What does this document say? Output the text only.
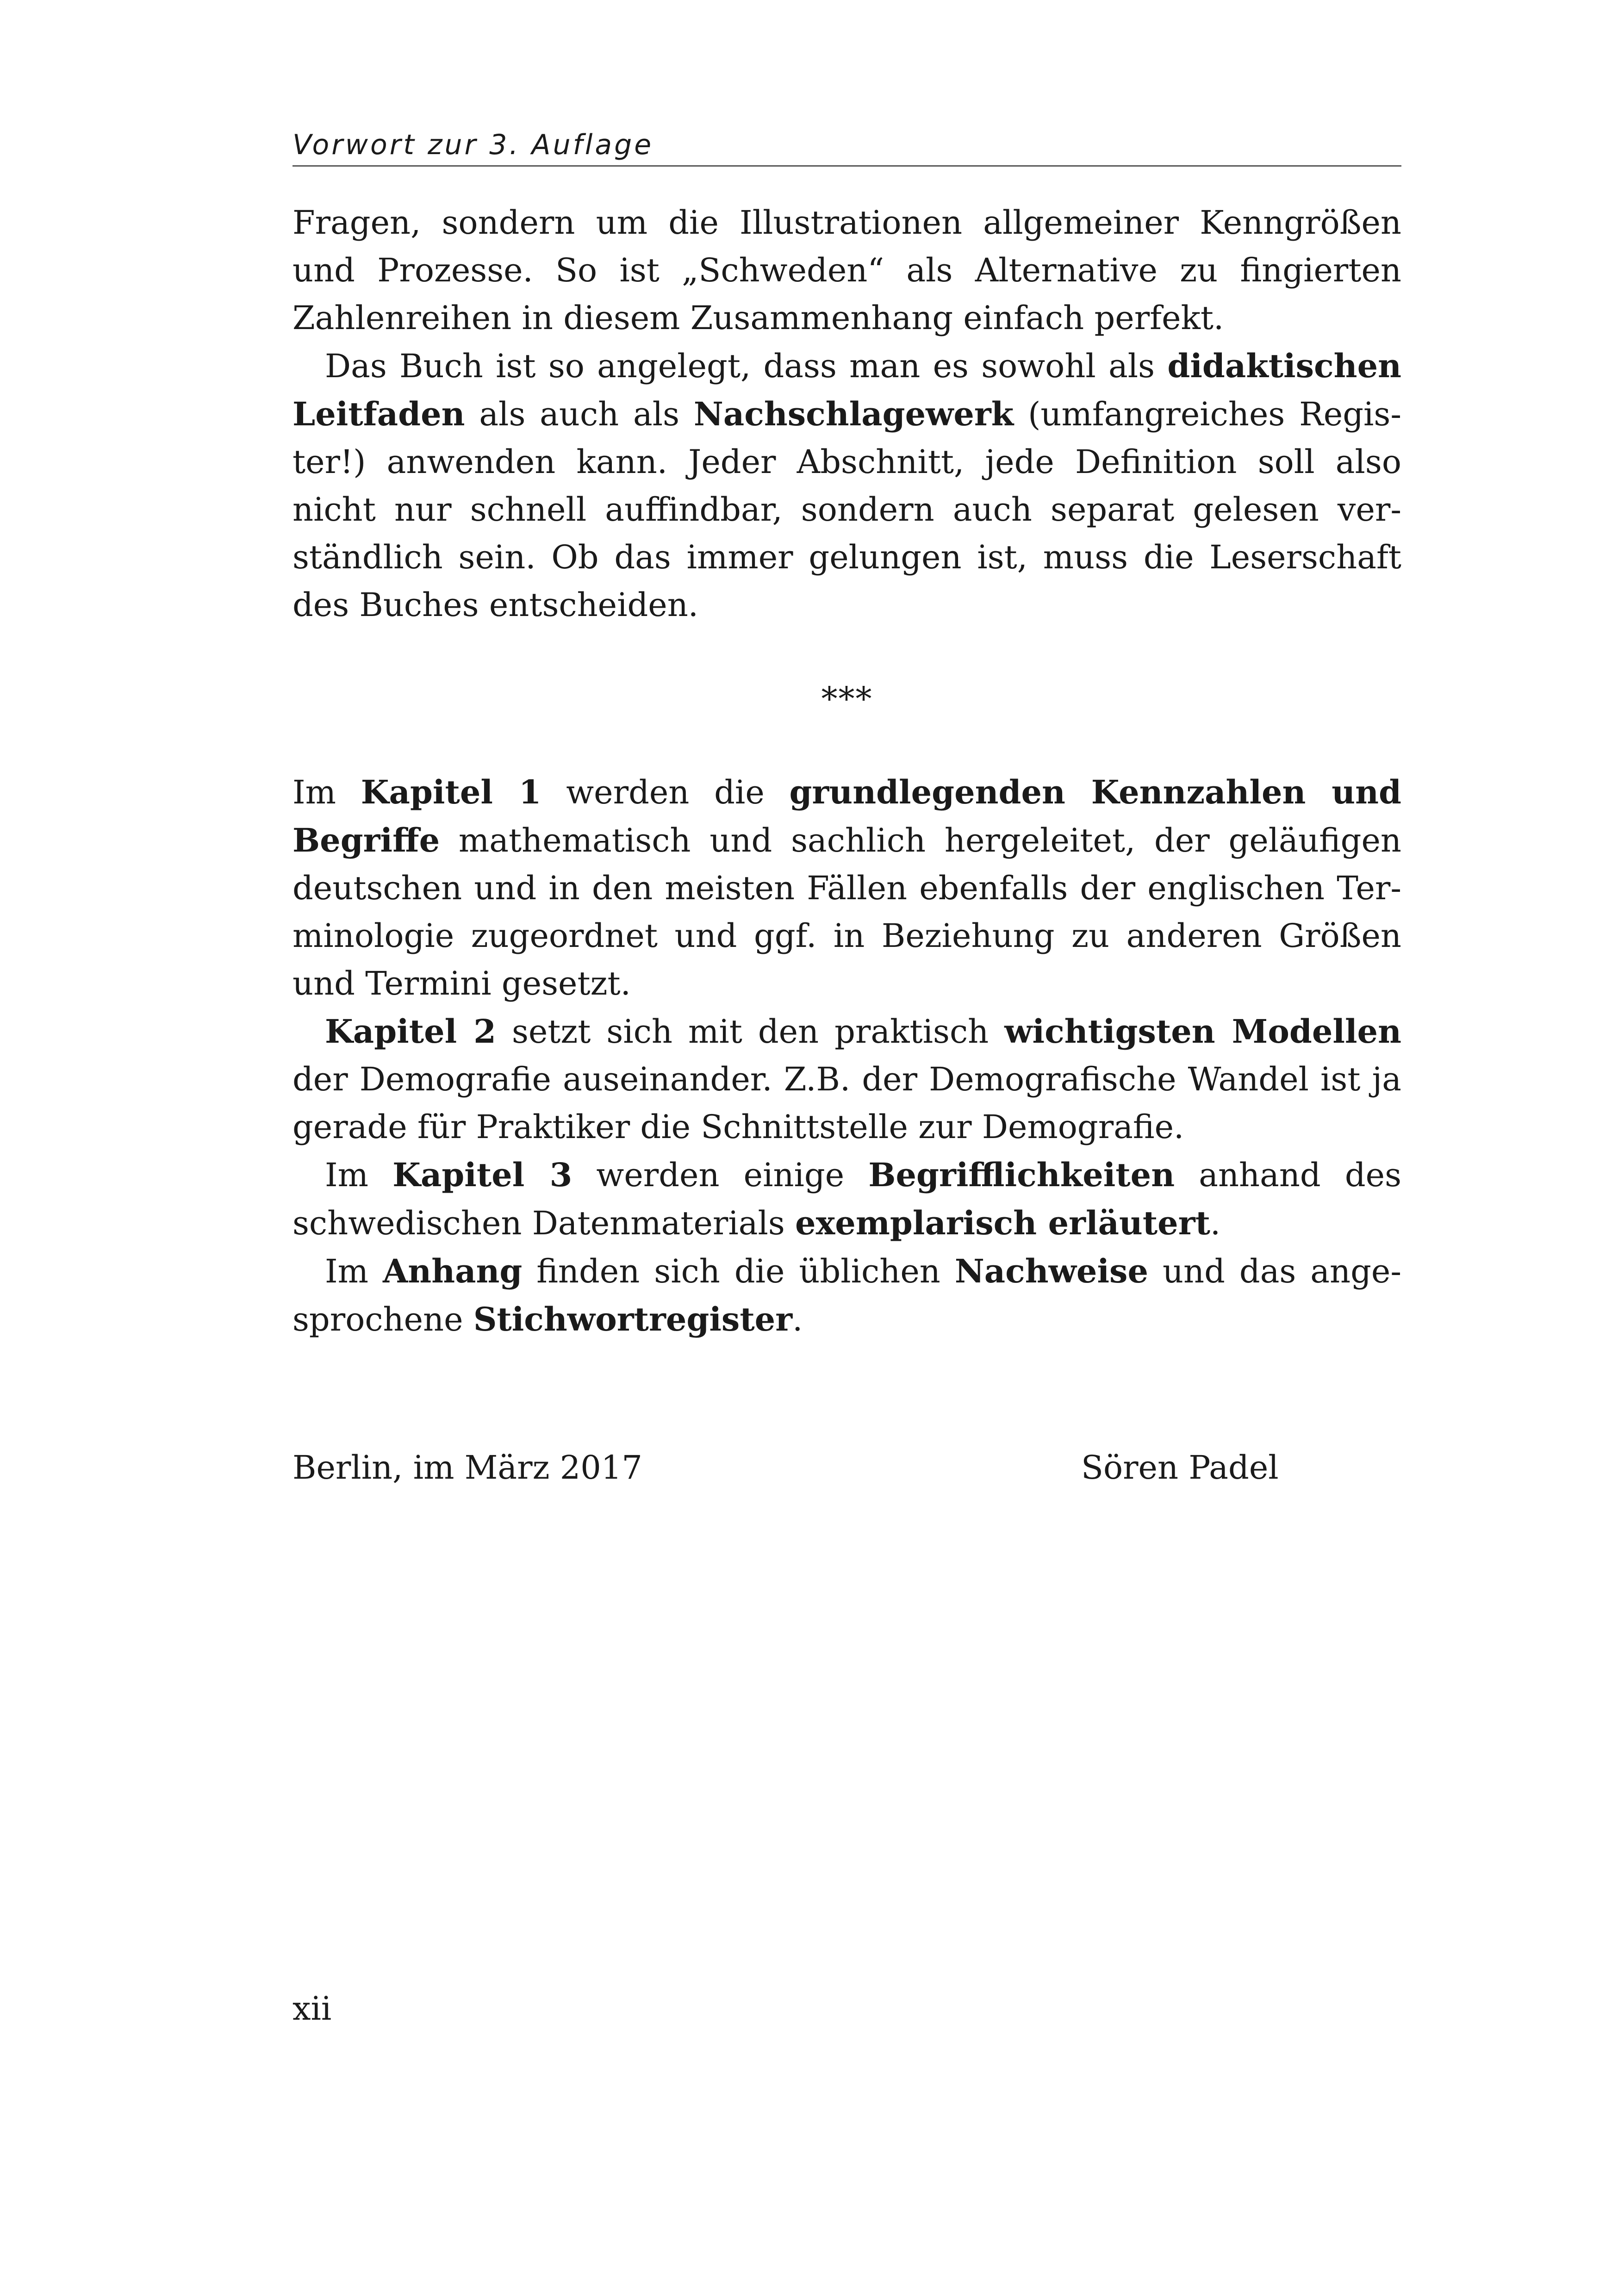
Vorwort zur 3. Auflage

Fragen, sondern um die Illustrationen allgemeiner Kenngrößen und Prozesse. So ist „Schweden“ als Alternative zu fingierten Zahlenreihen in diesem Zusammenhang einfach perfekt.

Das Buch ist so angelegt, dass man es sowohl als didaktischen Leitfaden als auch als Nachschlagewerk (umfangreiches Register!) anwenden kann. Jeder Abschnitt, jede Definition soll also nicht nur schnell auffindbar, sondern auch separat gelesen verständlich sein. Ob das immer gelungen ist, muss die Leserschaft des Buches entscheiden.

***

Im Kapitel 1 werden die grundlegenden Kennzahlen und Begriffe mathematisch und sachlich hergeleitet, der geläufigen deutschen und in den meisten Fällen ebenfalls der englischen Terminologie zugeordnet und ggf. in Beziehung zu anderen Größen und Termini gesetzt.

Kapitel 2 setzt sich mit den praktisch wichtigsten Modellen der Demografie auseinander. Z.B. der Demografische Wandel ist ja gerade für Praktiker die Schnittstelle zur Demografie.

Im Kapitel 3 werden einige Begrifflichkeiten anhand des schwedischen Datenmaterials exemplarisch erläutert.

Im Anhang finden sich die üblichen Nachweise und das angesprochene Stichwortregister.

Berlin, im März 2017	Sören Padel
xii
